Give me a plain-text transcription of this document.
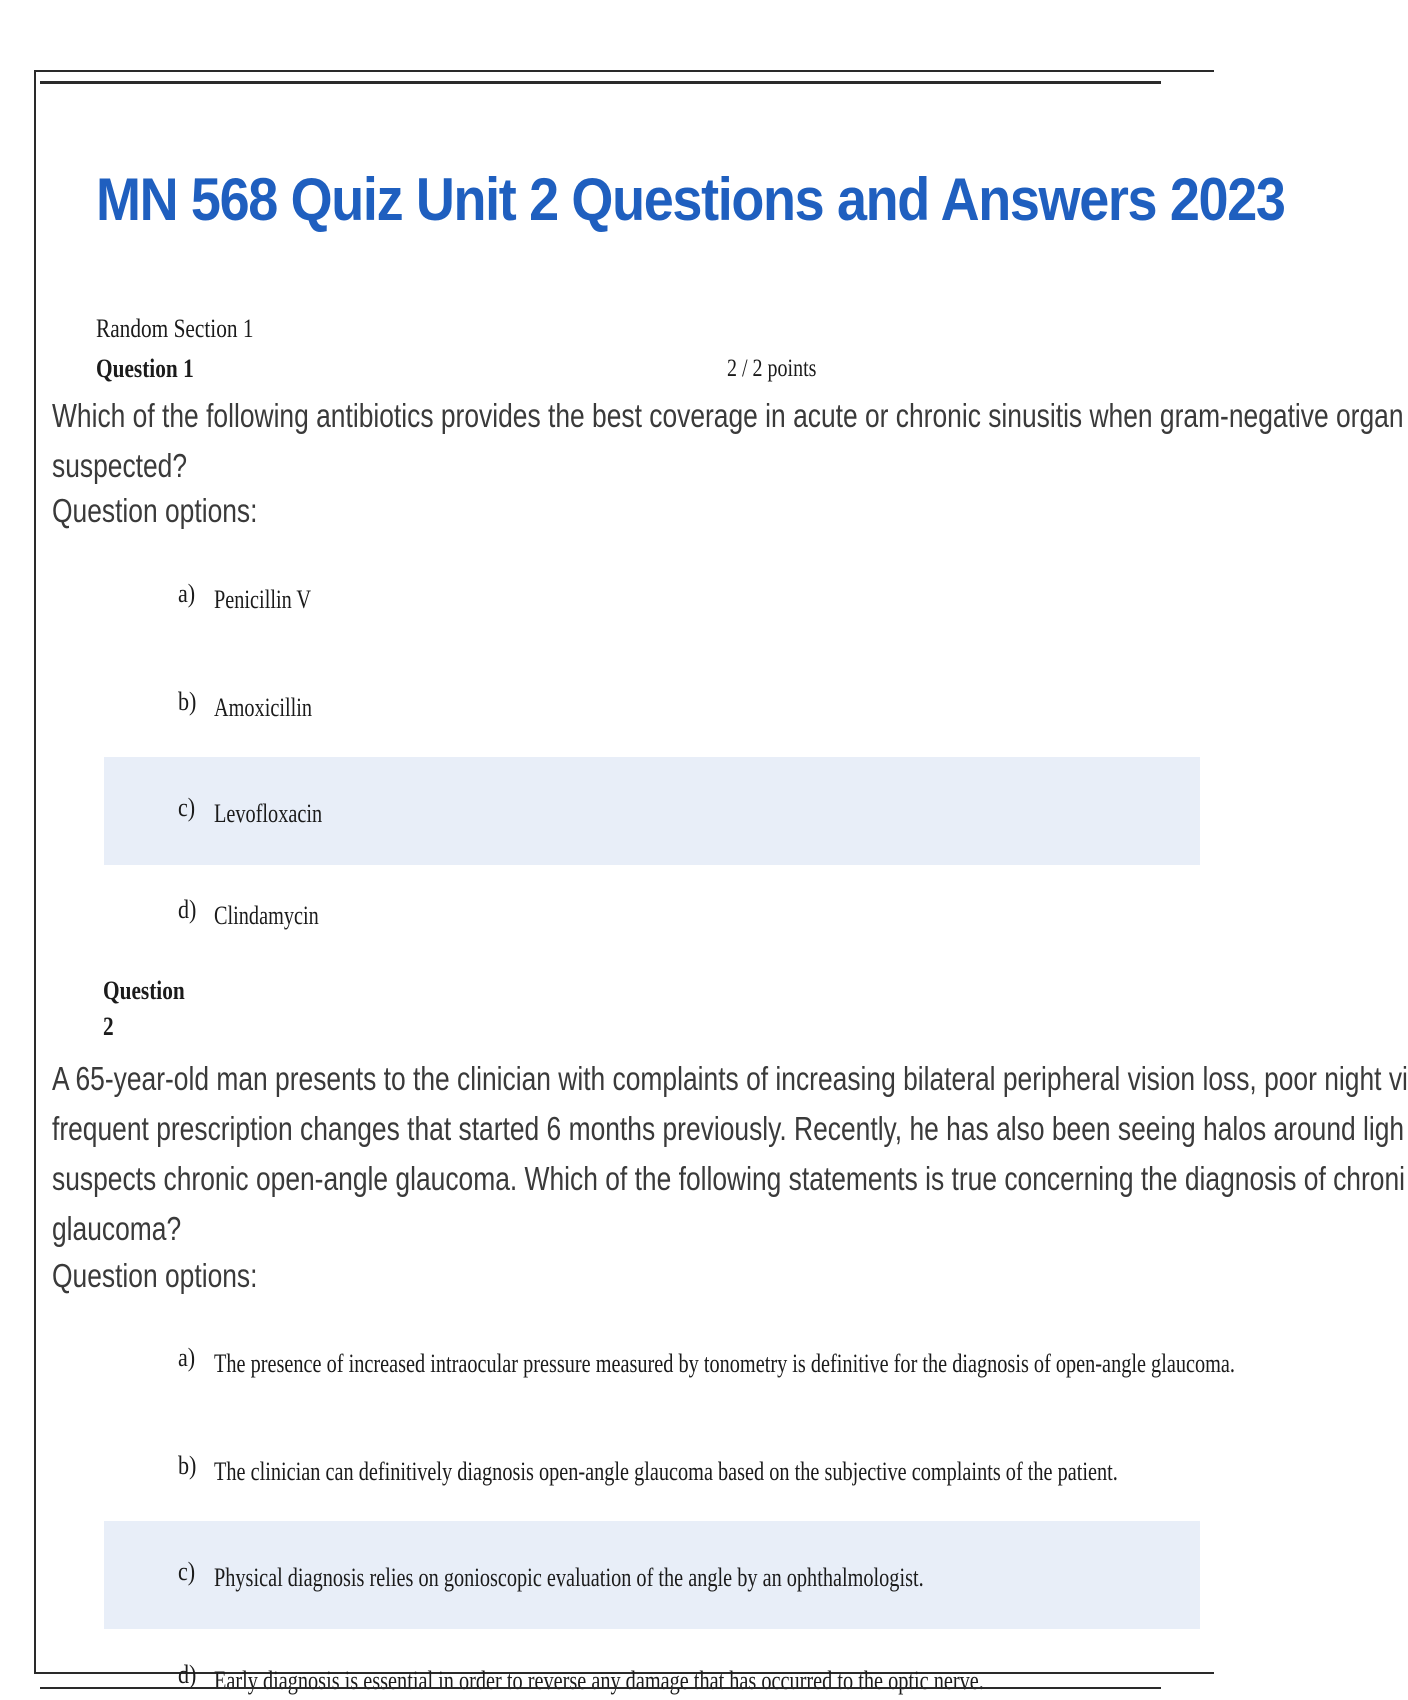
MN 568 Quiz Unit 2 Questions and Answers 2023
Random Section 1
Question 1	2 / 2 points
Which of the following antibiotics provides the best coverage in acute or chronic sinusitis when gram-negative organ
suspected?
Question options:
a) Penicillin V
b) Amoxicillin
c) Levofloxacin
d) Clindamycin
Question
2
A 65-year-old man presents to the clinician with complaints of increasing bilateral peripheral vision loss, poor night vi
frequent prescription changes that started 6 months previously. Recently, he has also been seeing halos around ligh
suspects chronic open-angle glaucoma. Which of the following statements is true concerning the diagnosis of chroni
glaucoma?
Question options:
a) The presence of increased intraocular pressure measured by tonometry is definitive for the diagnosis of open-angle glaucoma.
b) The clinician can definitively diagnosis open-angle glaucoma based on the subjective complaints of the patient.
c) Physical diagnosis relies on gonioscopic evaluation of the angle by an ophthalmologist.
d) Early diagnosis is essential in order to reverse any damage that has occurred to the optic nerve.
